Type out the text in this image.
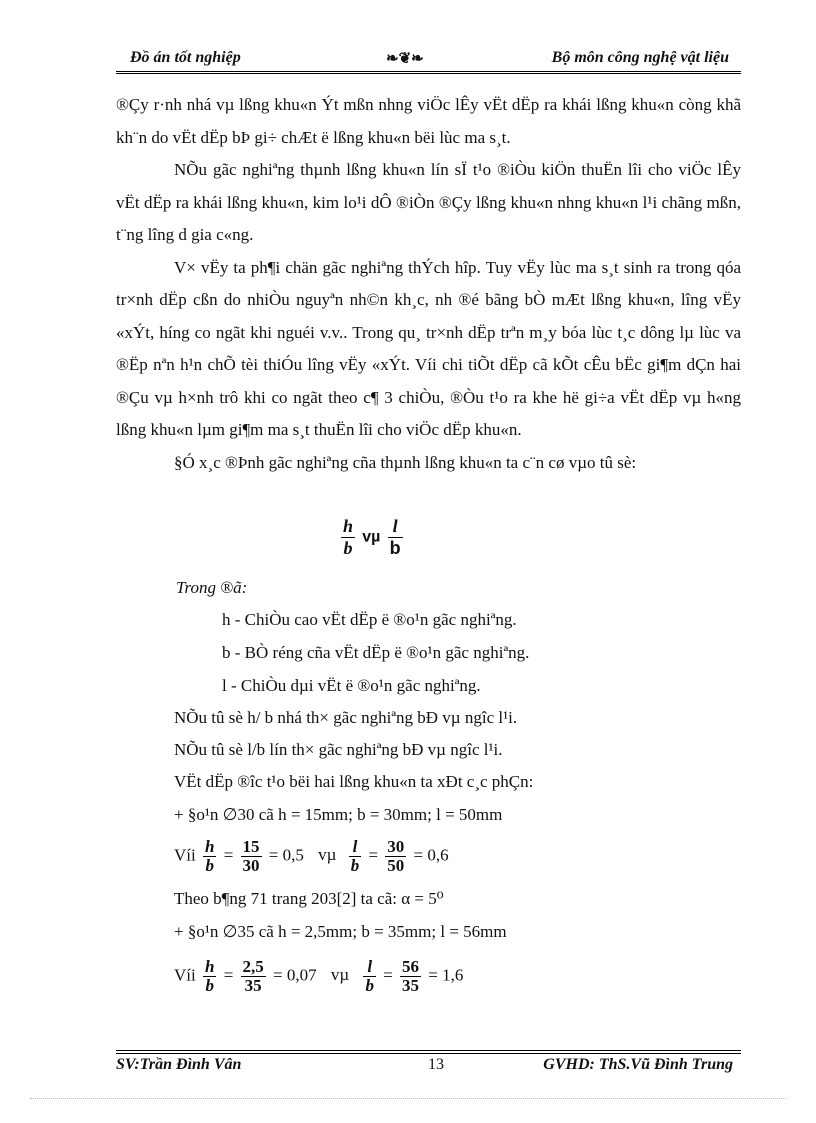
Đồ án tốt nghiệp	❧❦❧	Bộ môn công nghệ vật liệu

®Çy r·nh nhá vµ lßng khu«n Ýt mßn nhng viÖc lÊy vËt dËp ra khái lßng khu«n còng khã kh¨n do vËt dËp bÞ gi÷ chÆt ë lßng khu«n bëi lùc ma s¸t.

NÕu gãc nghiªng thµnh lßng khu«n lín sÏ t¹o ®iÒu kiÖn thuËn lîi cho viÖc lÊy vËt dËp ra khái lßng khu«n, kim lo¹i dÔ ®iÒn ®Çy lßng khu«n nhng khu«n l¹i chãng mßn, t¨ng lîng d gia c«ng.

V× vËy ta ph¶i chän gãc nghiªng thÝch hîp. Tuy vËy lùc ma s¸t sinh ra trong qóa tr×nh dËp cßn do nhiÒu nguyªn nh©n kh¸c, nh ®é bãng bÒ mÆt lßng khu«n, lîng vËy «xÝt, híng co ngãt khi nguéi v.v.. Trong qu¸ tr×nh dËp trªn m¸y bóa lùc t¸c dông lµ lùc va ®Ëp nªn h¹n chÕ tèi thiÓu lîng vËy «xÝt. Víi chi tiÕt dËp cã kÕt cÊu bËc gi¶m dÇn hai ®Çu vµ h×nh trô khi co ngãt theo c¶ 3 chiÒu, ®Òu t¹o ra khe hë gi÷a vËt dËp vµ h«ng lßng khu«n lµm gi¶m ma s¸t thuËn lîi cho viÖc dËp khu«n.

§Ó x¸c ®Þnh gãc nghiªng cña thµnh lßng khu«n ta c¨n cø vµo tû sè:

$\frac{h}{b}$ vµ $\frac{l}{b}$
Trong ®ã:
h - ChiÒu cao vËt dËp ë ®o¹n gãc nghiªng.
b - BÒ réng cña vËt dËp ë ®o¹n gãc nghiªng.
l - ChiÒu dµi vËt ë ®o¹n gãc nghiªng.
NÕu tû sè h/ b nhá th× gãc nghiªng bÐ vµ ngîc l¹i.
NÕu tû sè l/b lín th× gãc nghiªng bÐ vµ ngîc l¹i.
VËt dËp ®îc t¹o bëi hai lßng khu«n ta xÐt c¸c phÇn:
+ §o¹n ∅30 cã h = 15mm; b = 30mm; l = 50mm
Víi $\frac{h}{b} = \frac{15}{30} = 0,5$ vµ $\frac{l}{b} = \frac{30}{50} = 0,6$
Theo b¶ng 71 trang 203[2] ta cã: α = 5⁰
+ §o¹n ∅35 cã h = 2,5mm; b = 35mm; l = 56mm
Víi $\frac{h}{b} = \frac{2,5}{35} = 0,07$ vµ $\frac{l}{b} = \frac{56}{35} = 1,6$
SV:Trần Đình Vân	13	GVHD: ThS.Vũ Đình Trung
